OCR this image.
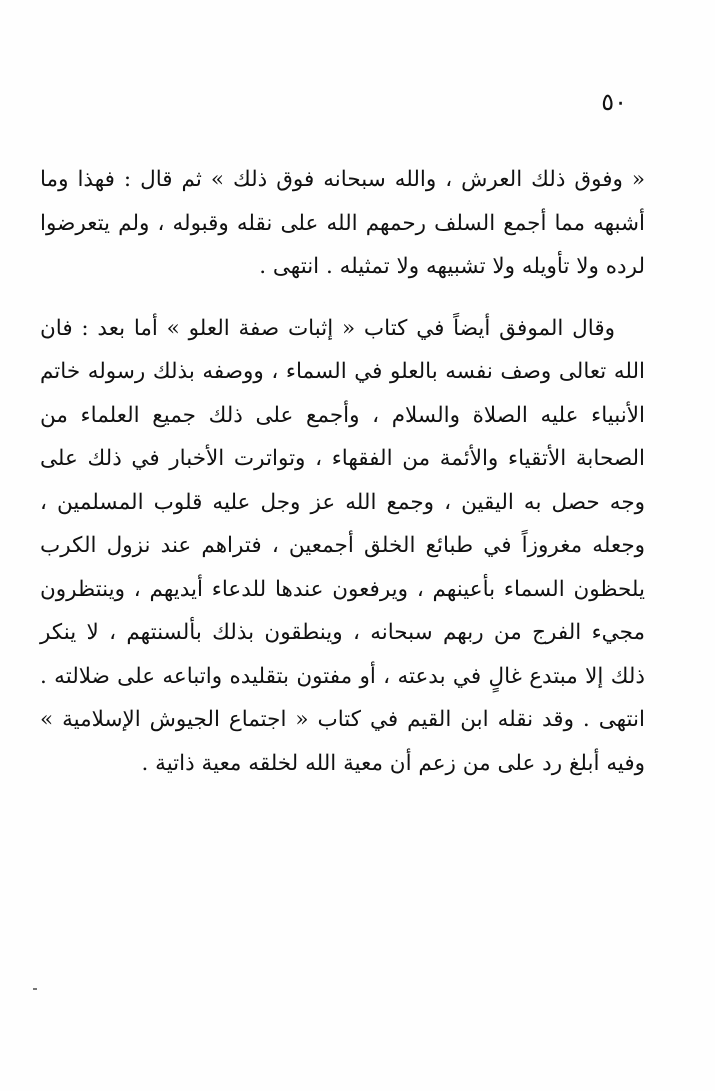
٥٠

« وفوق ذلك العرش ، والله سبحانه فوق ذلك » ثم قال : فهذا وما أشبهه مما أجمع السلف رحمهم الله على نقله وقبوله ، ولم يتعرضوا لرده ولا تأويله ولا تشبيهه ولا تمثيله . انتهى .

وقال الموفق أيضاً في كتاب « إثبات صفة العلو » أما بعد : فان الله تعالى وصف نفسه بالعلو في السماء ، ووصفه بذلك رسوله خاتم الأنبياء عليه الصلاة والسلام ، وأجمع على ذلك جميع العلماء من الصحابة الأتقياء والأئمة من الفقهاء ، وتواترت الأخبار في ذلك على وجه حصل به اليقين ، وجمع الله عز وجل عليه قلوب المسلمين ، وجعله مغروزاً في طبائع الخلق أجمعين ، فتراهم عند نزول الكرب يلحظون السماء بأعينهم ، ويرفعون عندها للدعاء أيديهم ، وينتظرون مجيء الفرج من ربهم سبحانه ، وينطقون بذلك بألسنتهم ، لا ينكر ذلك إلا مبتدع غالٍ في بدعته ، أو مفتون بتقليده واتباعه على ضلالته . انتهى . وقد نقله ابن القيم في كتاب « اجتماع الجيوش الإسلامية » وفيه أبلغ رد على من زعم أن معية الله لخلقه معية ذاتية .
